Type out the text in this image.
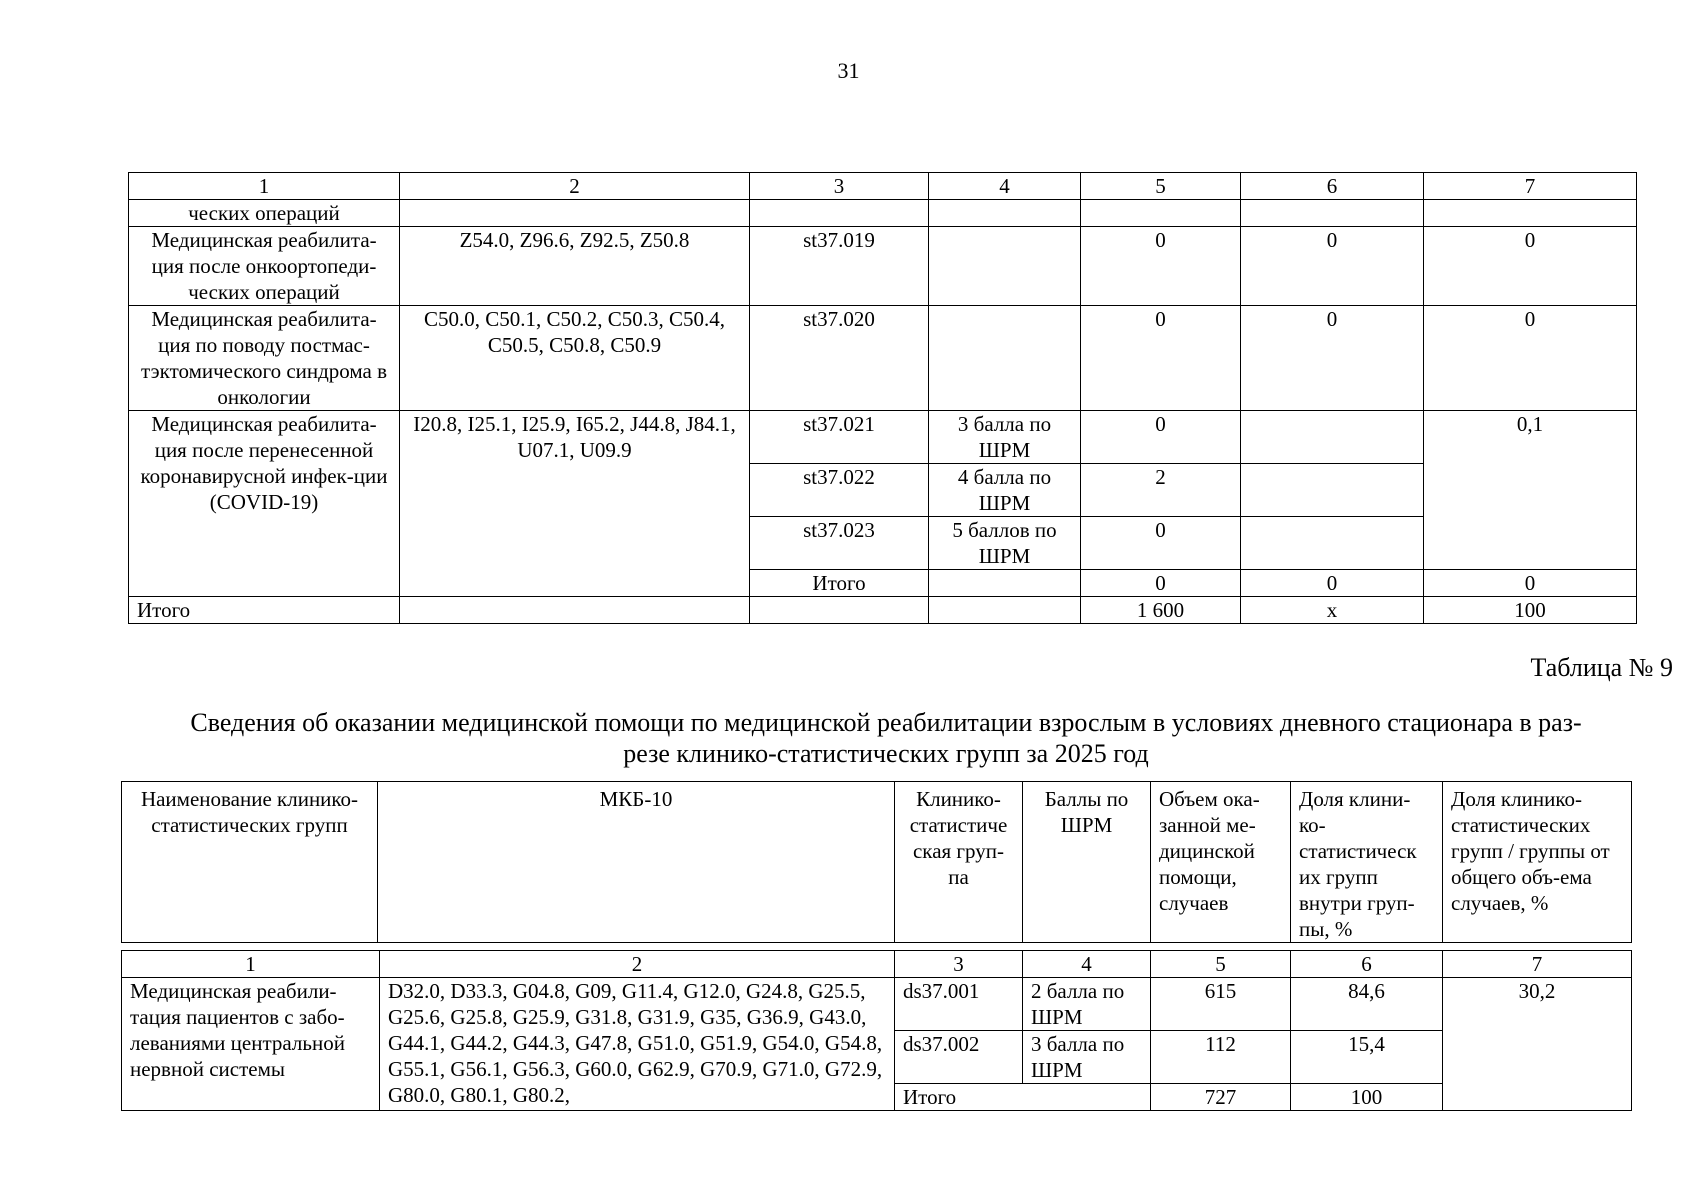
31
1	2	3	4	5	6	7
ческих операций						
Медицинская реабилита-ция после онкоортопеди-ческих операций	Z54.0, Z96.6, Z92.5, Z50.8	st37.019		0	0	0
Медицинская реабилита-ция по поводу постмас-тэктомического синдрома в онкологии	C50.0, C50.1, C50.2, C50.3, C50.4, C50.5, C50.8, C50.9	st37.020		0	0	0
Медицинская реабилита-ция после перенесенной коронавирусной инфек-ции (COVID-19)	I20.8, I25.1, I25.9, I65.2, J44.8, J84.1, U07.1, U09.9	st37.021	3 балла по ШРМ	0		0,1
		st37.022	4 балла по ШРМ	2		
		st37.023	5 баллов по ШРМ	0		
		Итого		0	0	0
Итого				1 600	x	100
Таблица № 9
Сведения об оказании медицинской помощи по медицинской реабилитации взрослым в условиях дневного стационара в раз-
резе клинико-статистических групп за 2025 год
Наименование клинико-статистических групп	МКБ-10	Клинико-статистиче ская груп-па	Баллы по ШРМ	Объем ока-занной ме-дицинской помощи, случаев	Доля клини-ко-статистическ их групп внутри груп-пы, %	Доля клинико-статистических групп / группы от общего объ-ема случаев, %
1	2	3	4	5	6	7
Медицинская реабили-тация пациентов с забо-леваниями центральной нервной системы	D32.0, D33.3, G04.8, G09, G11.4, G12.0, G24.8, G25.5, G25.6, G25.8, G25.9, G31.8, G31.9, G35, G36.9, G43.0, G44.1, G44.2, G44.3, G47.8, G51.0, G51.9, G54.0, G54.8, G55.1, G56.1, G56.3, G60.0, G62.9, G70.9, G71.0, G72.9, G80.0, G80.1, G80.2,	ds37.001	2 балла по ШРМ	615	84,6	30,2
		ds37.002	3 балла по ШРМ	112	15,4	
		Итого		727	100	
